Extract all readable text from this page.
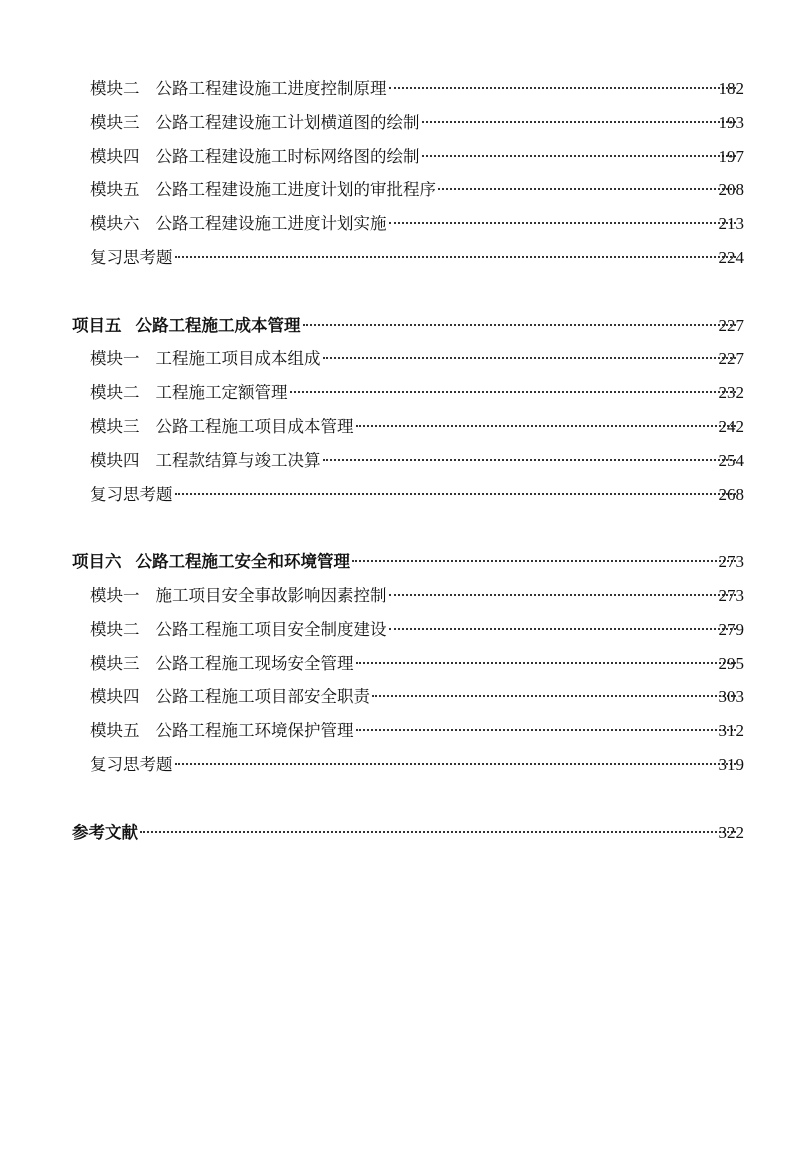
模块二 公路工程建设施工进度控制原理	182
模块三 公路工程建设施工计划横道图的绘制	193
模块四 公路工程建设施工时标网络图的绘制	197
模块五 公路工程建设施工进度计划的审批程序	208
模块六 公路工程建设施工进度计划实施	213
复习思考题	224
项目五 公路工程施工成本管理	227
模块一 工程施工项目成本组成	227
模块二 工程施工定额管理	232
模块三 公路工程施工项目成本管理	242
模块四 工程款结算与竣工决算	254
复习思考题	268
项目六 公路工程施工安全和环境管理	273
模块一 施工项目安全事故影响因素控制	273
模块二 公路工程施工项目安全制度建设	279
模块三 公路工程施工现场安全管理	295
模块四 公路工程施工项目部安全职责	303
模块五 公路工程施工环境保护管理	312
复习思考题	319
参考文献	322
